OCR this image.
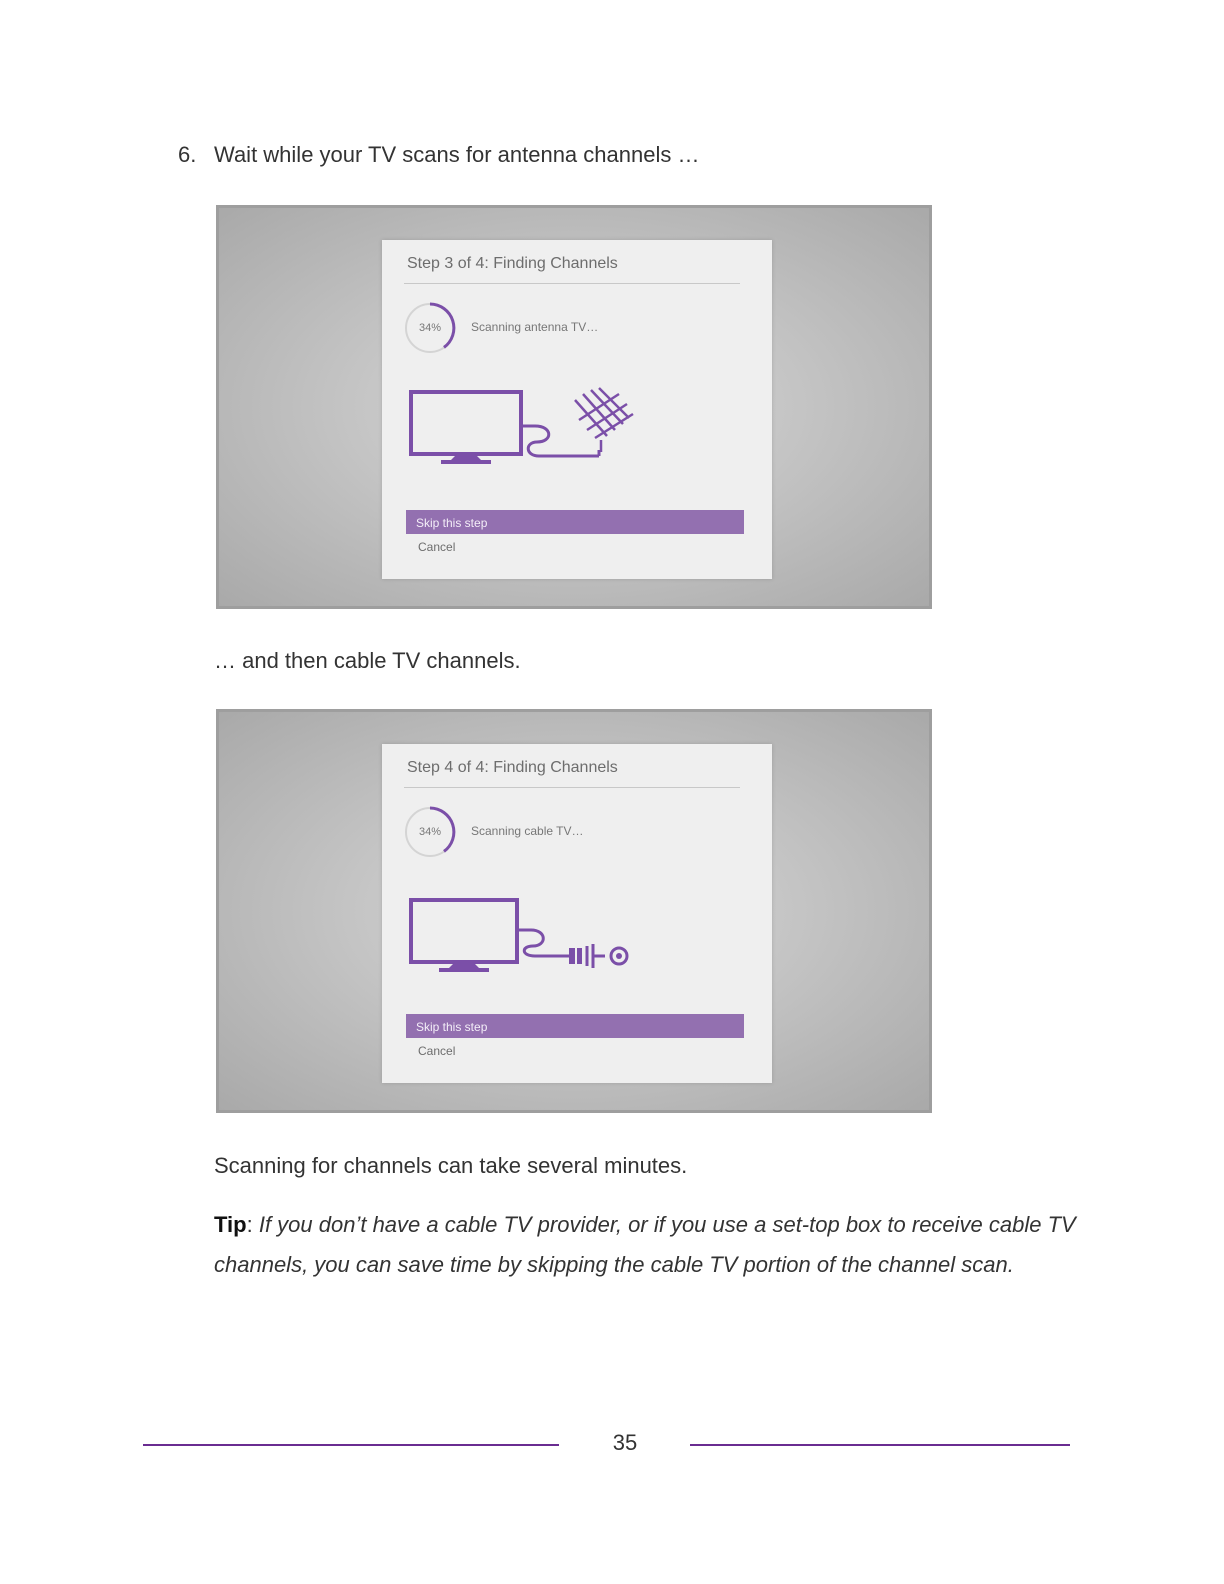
6. Wait while your TV scans for antenna channels …
Step 3 of 4: Finding Channels
34%	Scanning antenna TV…
Skip this step
Cancel
… and then cable TV channels.
Step 4 of 4: Finding Channels
34%	Scanning cable TV…
Skip this step
Cancel
Scanning for channels can take several minutes.
Tip: If you don’t have a cable TV provider, or if you use a set-top box to receive cable TV channels, you can save time by skipping the cable TV portion of the channel scan.
35
